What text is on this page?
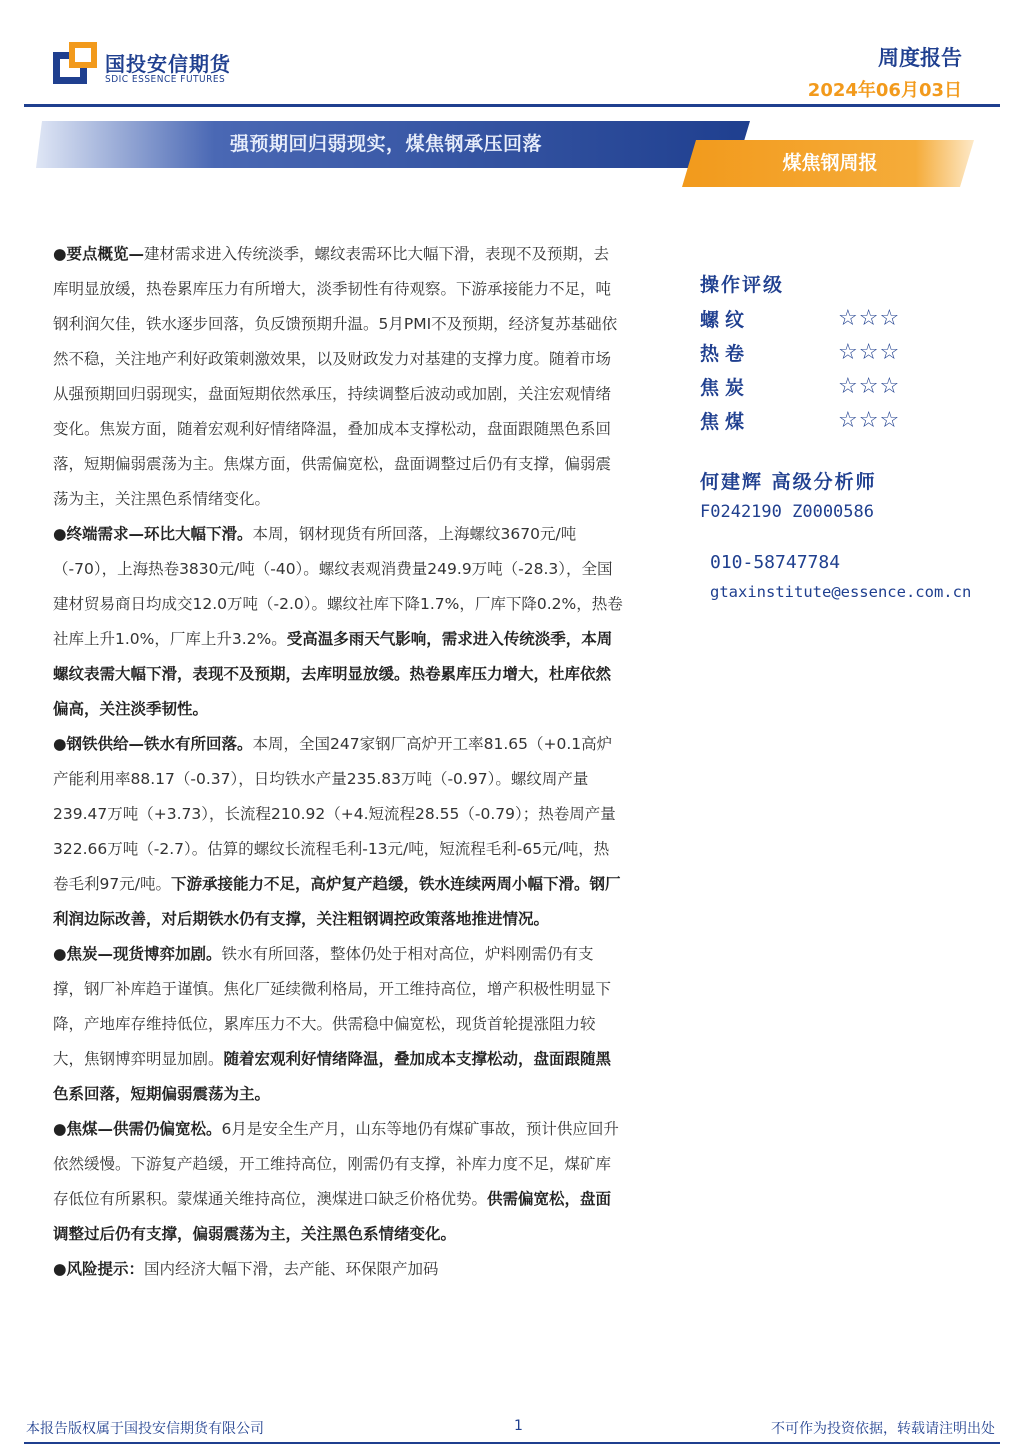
国投安信期货
SDIC ESSENCE FUTURES
周度报告
2024年06月03日
强预期回归弱现实，煤焦钢承压回落
煤焦钢周报

●要点概览—建材需求进入传统淡季，螺纹表需环比大幅下滑，表现不及预期，去库明显放缓，热卷累库压力有所增大，淡季韧性有待观察。下游承接能力不足，吨钢利润欠佳，铁水逐步回落，负反馈预期升温。5月PMI不及预期，经济复苏基础依然不稳，关注地产利好政策刺激效果，以及财政发力对基建的支撑力度。随着市场从强预期回归弱现实，盘面短期依然承压，持续调整后波动或加剧，关注宏观情绪变化。焦炭方面，随着宏观利好情绪降温，叠加成本支撑松动，盘面跟随黑色系回落，短期偏弱震荡为主。焦煤方面，供需偏宽松，盘面调整过后仍有支撑，偏弱震荡为主，关注黑色系情绪变化。

●终端需求—环比大幅下滑。本周，钢材现货有所回落，上海螺纹3670元/吨（-70），上海热卷3830元/吨（-40）。螺纹表观消费量249.9万吨（-28.3），全国建材贸易商日均成交12.0万吨（-2.0）。螺纹社库下降1.7%，厂库下降0.2%，热卷社库上升1.0%，厂库上升3.2%。受高温多雨天气影响，需求进入传统淡季，本周螺纹表需大幅下滑，表现不及预期，去库明显放缓。热卷累库压力增大，杜库依然偏高，关注淡季韧性。

●钢铁供给—铁水有所回落。本周，全国247家钢厂高炉开工率81.65（+0.1高炉产能利用率88.17（-0.37），日均铁水产量235.83万吨（-0.97）。螺纹周产量239.47万吨（+3.73），长流程210.92（+4.短流程28.55（-0.79）；热卷周产量322.66万吨（-2.7）。估算的螺纹长流程毛利-13元/吨，短流程毛利-65元/吨，热卷毛利97元/吨。下游承接能力不足，高炉复产趋缓，铁水连续两周小幅下滑。钢厂利润边际改善，对后期铁水仍有支撑，关注粗钢调控政策落地推进情况。

●焦炭—现货博弈加剧。铁水有所回落，整体仍处于相对高位，炉料刚需仍有支撑，钢厂补库趋于谨慎。焦化厂延续微利格局，开工维持高位，增产积极性明显下降，产地库存维持低位，累库压力不大。供需稳中偏宽松，现货首轮提涨阻力较大，焦钢博弈明显加剧。随着宏观利好情绪降温，叠加成本支撑松动，盘面跟随黑色系回落，短期偏弱震荡为主。

●焦煤—供需仍偏宽松。6月是安全生产月，山东等地仍有煤矿事故，预计供应回升依然缓慢。下游复产趋缓，开工维持高位，刚需仍有支撑，补库力度不足，煤矿库存低位有所累积。蒙煤通关维持高位，澳煤进口缺乏价格优势。供需偏宽松，盘面调整过后仍有支撑，偏弱震荡为主，关注黑色系情绪变化。

●风险提示：国内经济大幅下滑，去产能、环保限产加码

操作评级
螺纹	☆☆☆
热卷	☆☆☆
焦炭	☆☆☆
焦煤	☆☆☆
何建辉 高级分析师
F0242190 Z0000586
010-58747784
gtaxinstitute@essence.com.cn
本报告版权属于国投安信期货有限公司	1	不可作为投资依据，转载请注明出处
